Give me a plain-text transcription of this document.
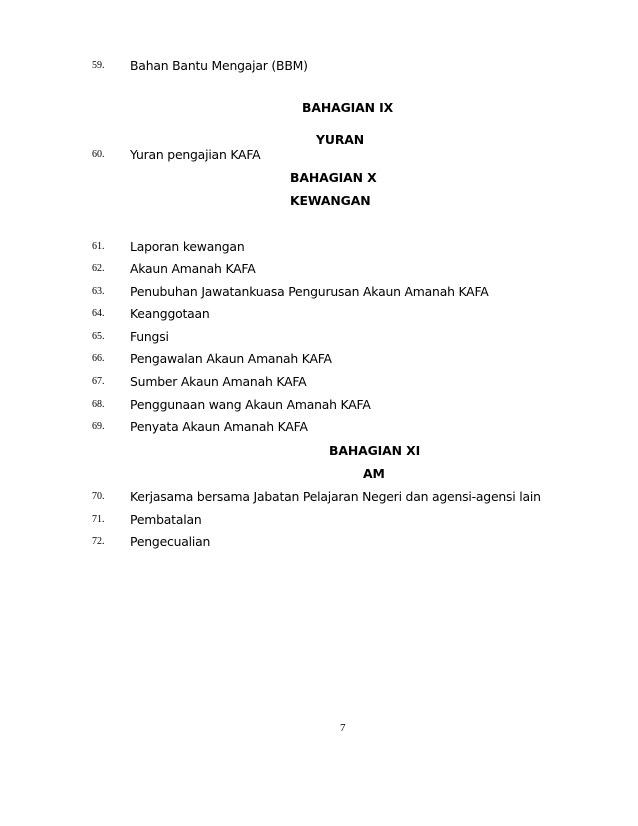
59. Bahan Bantu Mengajar (BBM)
BAHAGIAN IX
YURAN
60. Yuran pengajian KAFA
BAHAGIAN X
KEWANGAN
61. Laporan kewangan
62. Akaun Amanah KAFA
63. Penubuhan Jawatankuasa Pengurusan Akaun Amanah KAFA
64. Keanggotaan
65. Fungsi
66. Pengawalan Akaun Amanah KAFA
67. Sumber Akaun Amanah KAFA
68. Penggunaan wang Akaun Amanah KAFA
69. Penyata Akaun Amanah KAFA
BAHAGIAN XI
AM
70. Kerjasama bersama Jabatan Pelajaran Negeri dan agensi-agensi lain
71. Pembatalan
72. Pengecualian
7
